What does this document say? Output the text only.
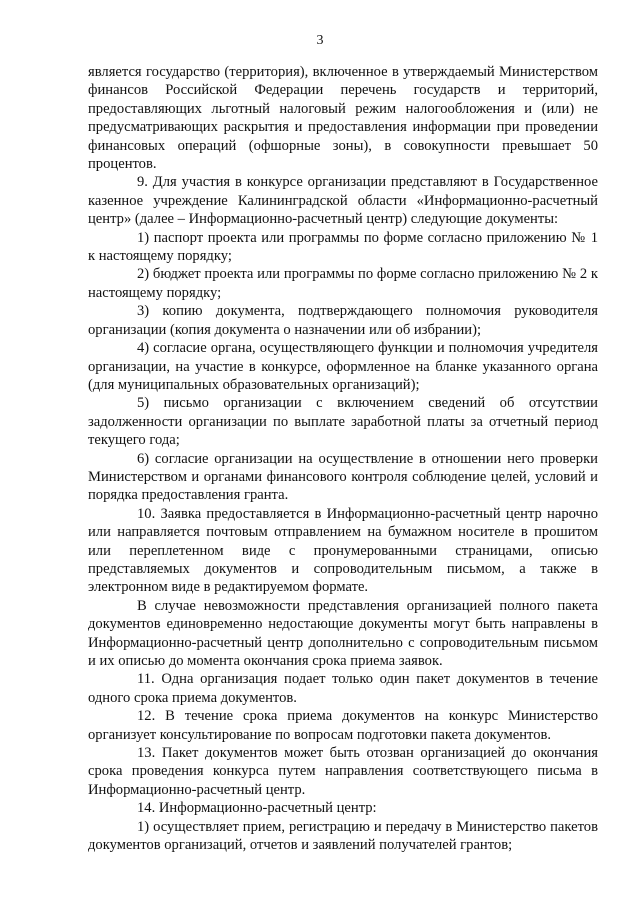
3

является государство (территория), включенное в утверждаемый Министерством финансов Российской Федерации перечень государств и территорий, предоставляющих льготный налоговый режим налогообложения и (или) не предусматривающих раскрытия и предоставления информации при проведении финансовых операций (офшорные зоны), в совокупности превышает 50 процентов.

9. Для участия в конкурсе организации представляют в Государственное казенное учреждение Калининградской области «Информационно-расчетный центр» (далее – Информационно-расчетный центр) следующие документы:

1) паспорт проекта или программы по форме согласно приложению № 1 к настоящему порядку;

2) бюджет проекта или программы по форме согласно приложению № 2 к настоящему порядку;

3) копию документа, подтверждающего полномочия руководителя организации (копия документа о назначении или об избрании);

4) согласие органа, осуществляющего функции и полномочия учредителя организации, на участие в конкурсе, оформленное на бланке указанного органа (для муниципальных образовательных организаций);

5) письмо организации с включением сведений об отсутствии задолженности организации по выплате заработной платы за отчетный период текущего года;

6) согласие организации на осуществление в отношении него проверки Министерством и органами финансового контроля соблюдение целей, условий и порядка предоставления гранта.

10. Заявка предоставляется в Информационно-расчетный центр нарочно или направляется почтовым отправлением на бумажном носителе в прошитом или переплетенном виде с пронумерованными страницами, описью представляемых документов и сопроводительным письмом, а также в электронном виде в редактируемом формате.

В случае невозможности представления организацией полного пакета документов единовременно недостающие документы могут быть направлены в Информационно-расчетный центр дополнительно с сопроводительным письмом и их описью до момента окончания срока приема заявок.

11. Одна организация подает только один пакет документов в течение одного срока приема документов.

12. В течение срока приема документов на конкурс Министерство организует консультирование по вопросам подготовки пакета документов.

13. Пакет документов может быть отозван организацией до окончания срока проведения конкурса путем направления соответствующего письма в Информационно-расчетный центр.

14. Информационно-расчетный центр:

1) осуществляет прием, регистрацию и передачу в Министерство пакетов документов организаций, отчетов и заявлений получателей грантов;
